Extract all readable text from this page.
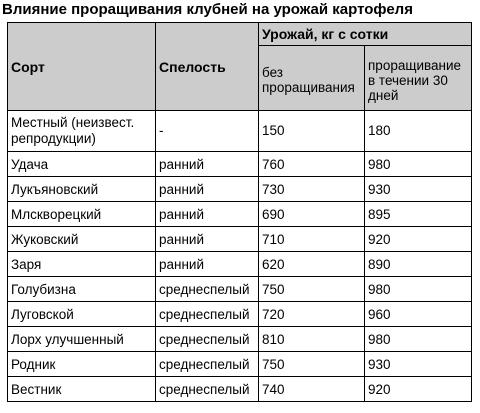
Влияние проращивания клубней на урожай картофеля
Сорт	Спелость	Урожай, кг с сотки	

		без проращивания	проращивание в течении 30 дней

Местный (неизвест. репродукции)	-	150	180
Удача	ранний	760	980
Лукъяновский	ранний	730	930
Млсквoрецкий	ранний	690	895
Жуковский	ранний	710	920
Заря	ранний	620	890
Голубизна	среднеспелый	750	980
Луговской	среднеспелый	720	960
Лорх улучшенный	среднеспелый	810	980
Родник	среднеспелый	750	930
Вестник	среднеспелый	740	920
